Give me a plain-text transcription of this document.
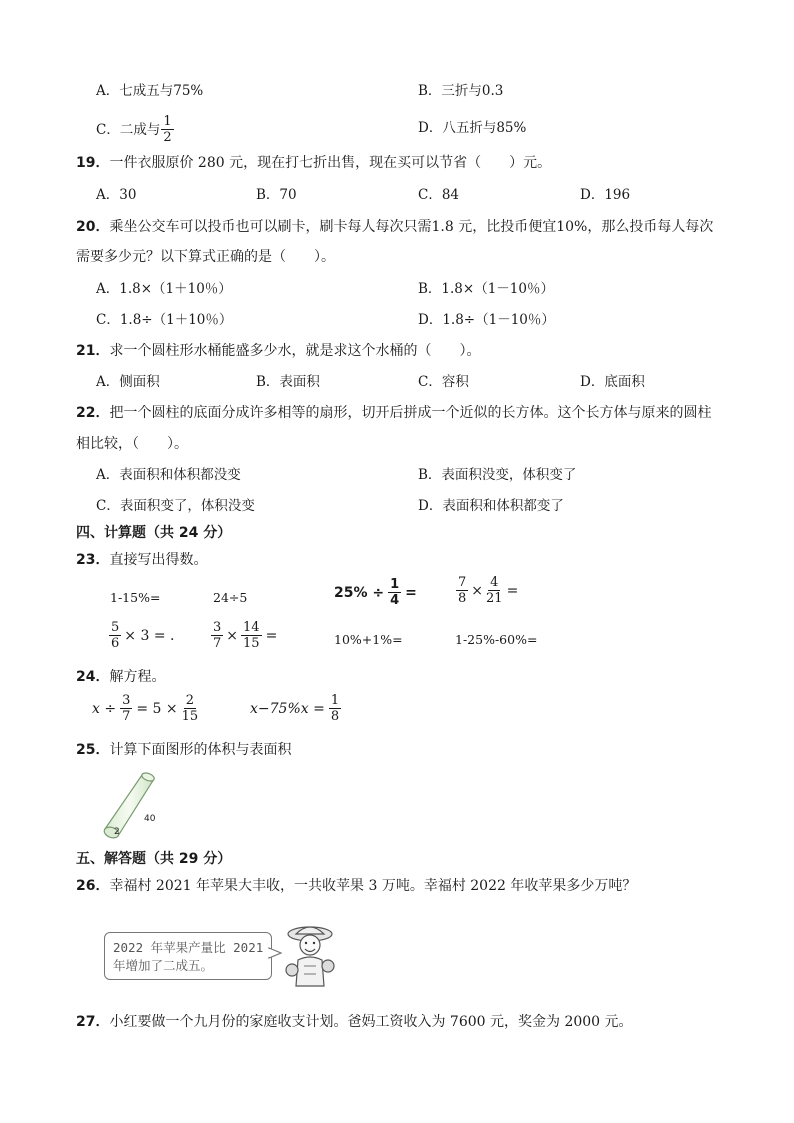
A．七成五与75%	B．三折与0.3
C．二成与 $\frac{1}{2}$	D．八五折与85%
19．一件衣服原价 280 元，现在打七折出售，现在买可以节省（　　）元。
A．30	B．70	C．84	D．196
20．乘坐公交车可以投币也可以刷卡，刷卡每人每次只需1.8 元，比投币便宜10%，那么投币每人每次
需要多少元？以下算式正确的是（　　）。
A．1.8×（1＋10％）	B．1.8×（1－10％）
C．1.8÷（1＋10％）	D．1.8÷（1－10％）
21．求一个圆柱形水桶能盛多少水，就是求这个水桶的（　　）。
A．侧面积	B．表面积	C．容积	D．底面积
22．把一个圆柱的底面分成许多相等的扇形，切开后拼成一个近似的长方体。这个长方体与原来的圆柱
相比较，（　　）。
A．表面积和体积都没变	B．表面积没变，体积变了
C．表面积变了，体积没变	D．表面积和体积都变了
四、计算题（共 24 分）
23．直接写出得数。
1-15%=	24÷5	$25\% \div \frac{1}{4}$ =	$\frac{7}{8} \times \frac{4}{21}$ =
$\frac{5}{6} \times 3$ = .	$\frac{3}{7} \times \frac{14}{15}$ =	10%+1%=	1-25%-60%=
24．解方程。
$x \div \frac{3}{7} = 5 \times \frac{2}{15}$	$x-75\%x = \frac{1}{8}$
25．计算下面图形的体积与表面积
2
40
五、解答题（共 29 分）
26．幸福村 2021 年苹果大丰收，一共收苹果 3 万吨。幸福村 2022 年收苹果多少万吨？
2022 年苹果产量比 2021 年增加了二成五。
27．小红要做一个九月份的家庭收支计划。爸妈工资收入为 7600 元，奖金为 2000 元。
